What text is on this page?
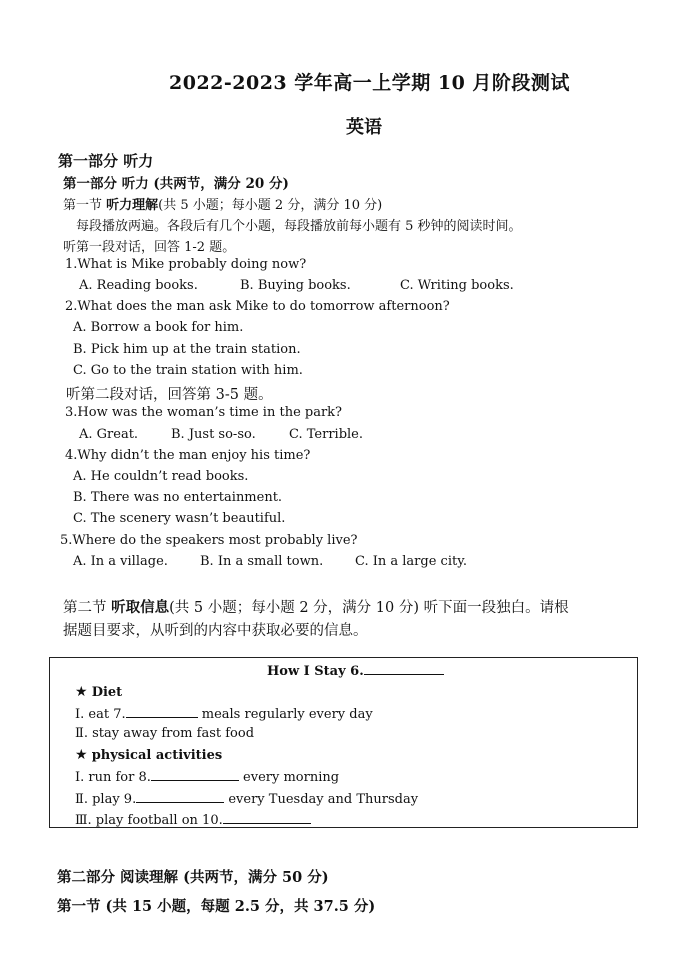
2022-2023 学年高一上学期 10 月阶段测试
英语
第一部分 听力
第一部分 听力 (共两节，满分 20 分)
第一节 听力理解(共 5 小题；每小题 2 分，满分 10 分)
每段播放两遍。各段后有几个小题，每段播放前每小题有 5 秒钟的阅读时间。
听第一段对话，回答 1-2 题。
1.What is Mike probably doing now?
A. Reading books.	B. Buying books.	C. Writing books.
2.What does the man ask Mike to do tomorrow afternoon?
A. Borrow a book for him.
B. Pick him up at the train station.
C. Go to the train station with him.
听第二段对话，回答第 3-5 题。
3.How was the woman’s time in the park?
A. Great.	B. Just so-so.	C. Terrible.
4.Why didn’t the man enjoy his time?
A. He couldn’t read books.
B. There was no entertainment.
C. The scenery wasn’t beautiful.
5.Where do the speakers most probably live?
A. In a village. B. In a small town. C. In a large city.
第二节 听取信息(共 5 小题；每小题 2 分，满分 10 分) 听下面一段独白。请根
据题目要求，从听到的内容中获取必要的信息。
How I Stay 6.
★ Diet
Ⅰ. eat 7.	meals regularly every day
Ⅱ. stay away from fast food
★ physical activities
Ⅰ. run for 8.	every morning
Ⅱ. play 9.	every Tuesday and Thursday
Ⅲ. play football on 10.
第二部分 阅读理解 (共两节，满分 50 分)
第一节 (共 15 小题，每题 2.5 分，共 37.5 分)
